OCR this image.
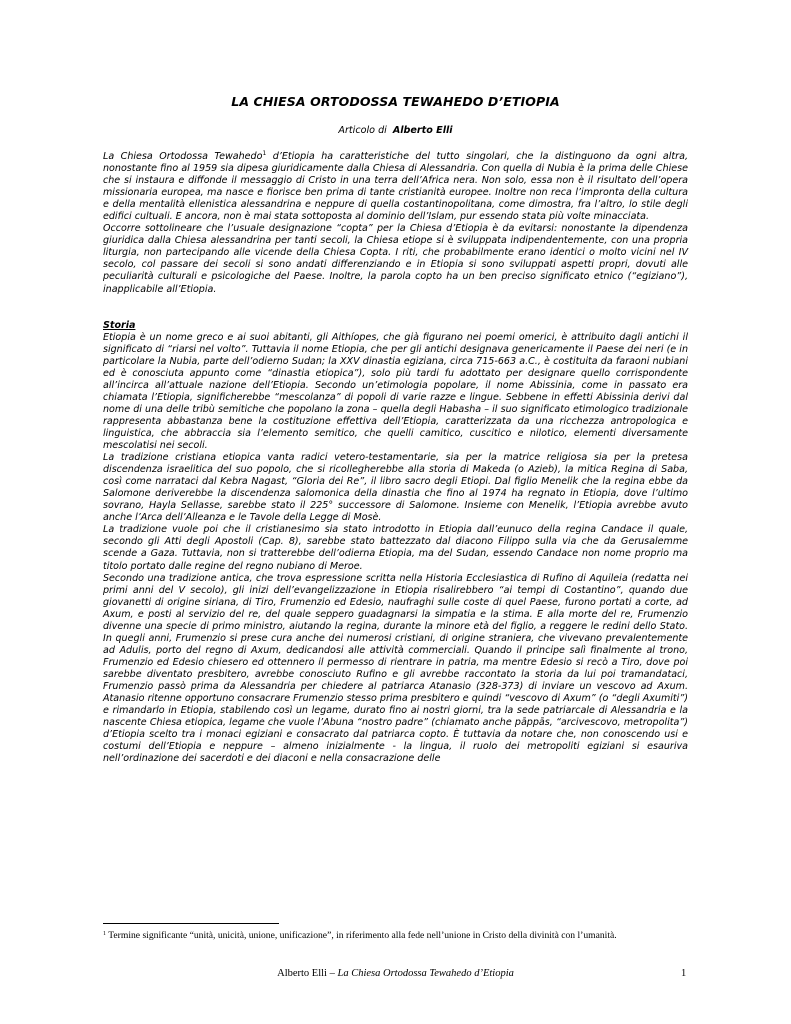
LA CHIESA ORTODOSSA TEWAHEDO D’ETIOPIA
Articolo di Alberto Elli

La Chiesa Ortodossa Tewahedo$^1$ d’Etiopia ha caratteristiche del tutto singolari, che la distinguono da ogni altra, nonostante fino al 1959 sia dipesa giuridicamente dalla Chiesa di Alessandria. Con quella di Nubia è la prima delle Chiese che si instaura e diffonde il messaggio di Cristo in una terra dell’Africa nera. Non solo, essa non è il risultato dell’opera missionaria europea, ma nasce e fiorisce ben prima di tante cristianità europee. Inoltre non reca l’impronta della cultura e della mentalità ellenistica alessandrina e neppure di quella costantinopolitana, come dimostra, fra l’altro, lo stile degli edifici cultuali. E ancora, non è mai stata sottoposta al dominio dell’Islam, pur essendo stata più volte minacciata.

Occorre sottolineare che l’usuale designazione “copta” per la Chiesa d’Etiopia è da evitarsi: nonostante la dipendenza giuridica dalla Chiesa alessandrina per tanti secoli, la Chiesa etiope si è sviluppata indipendentemente, con una propria liturgia, non partecipando alle vicende della Chiesa Copta. I riti, che probabilmente erano identici o molto vicini nel IV secolo, col passare dei secoli si sono andati differenziando e in Etiopia si sono sviluppati aspetti propri, dovuti alle peculiarità culturali e psicologiche del Paese. Inoltre, la parola copto ha un ben preciso significato etnico (“egiziano”), inapplicabile all’Etiopia.

Storia

Etiopia è un nome greco e ai suoi abitanti, gli Aithíopes, che già figurano nei poemi omerici, è attribuito dagli antichi il significato di “riarsi nel volto”. Tuttavia il nome Etiopia, che per gli antichi designava genericamente il Paese dei neri (e in particolare la Nubia, parte dell’odierno Sudan; la XXV dinastia egiziana, circa 715-663 a.C., è costituita da faraoni nubiani ed è conosciuta appunto come “dinastia etiopica”), solo più tardi fu adottato per designare quello corrispondente all’incirca all’attuale nazione dell’Etiopia. Secondo un’etimologia popolare, il nome Abissinia, come in passato era chiamata l’Etiopia, significherebbe “mescolanza” di popoli di varie razze e lingue. Sebbene in effetti Abissinia derivi dal nome di una delle tribù semitiche che popolano la zona – quella degli Habasha – il suo significato etimologico tradizionale rappresenta abbastanza bene la costituzione effettiva dell’Etiopia, caratterizzata da una ricchezza antropologica e linguistica, che abbraccia sia l’elemento semitico, che quelli camitico, cuscitico e nilotico, elementi diversamente mescolatisi nei secoli.

La tradizione cristiana etiopica vanta radici vetero-testamentarie, sia per la matrice religiosa sia per la pretesa discendenza israelitica del suo popolo, che si ricollegherebbe alla storia di Makeda (o Azieb), la mitica Regina di Saba, così come narrataci dal Kebra Nagast, “Gloria dei Re”, il libro sacro degli Etiopi. Dal figlio Menelik che la regina ebbe da Salomone deriverebbe la discendenza salomonica della dinastia che fino al 1974 ha regnato in Etiopia, dove l’ultimo sovrano, Hayla Sellasse, sarebbe stato il 225° successore di Salomone. Insieme con Menelik, l’Etiopia avrebbe avuto anche l’Arca dell’Alleanza e le Tavole della Legge di Mosè.

La tradizione vuole poi che il cristianesimo sia stato introdotto in Etiopia dall’eunuco della regina Candace il quale, secondo gli Atti degli Apostoli (Cap. 8), sarebbe stato battezzato dal diacono Filippo sulla via che da Gerusalemme scende a Gaza. Tuttavia, non si tratterebbe dell’odierna Etiopia, ma del Sudan, essendo Candace non nome proprio ma titolo portato dalle regine del regno nubiano di Meroe.

Secondo una tradizione antica, che trova espressione scritta nella Historia Ecclesiastica di Rufino di Aquileia (redatta nei primi anni del V secolo), gli inizi dell’evangelizzazione in Etiopia risalirebbero “ai tempi di Costantino”, quando due giovanetti di origine siriana, di Tiro, Frumenzio ed Edesio, naufraghi sulle coste di quel Paese, furono portati a corte, ad Axum, e posti al servizio del re, del quale seppero guadagnarsi la simpatia e la stima. E alla morte del re, Frumenzio divenne una specie di primo ministro, aiutando la regina, durante la minore età del figlio, a reggere le redini dello Stato. In quegli anni, Frumenzio si prese cura anche dei numerosi cristiani, di origine straniera, che vivevano prevalentemente ad Adulis, porto del regno di Axum, dedicandosi alle attività commerciali. Quando il principe salì finalmente al trono, Frumenzio ed Edesio chiesero ed ottennero il permesso di rientrare in patria, ma mentre Edesio si recò a Tiro, dove poi sarebbe diventato presbitero, avrebbe conosciuto Rufino e gli avrebbe raccontato la storia da lui poi tramandataci, Frumenzio passò prima da Alessandria per chiedere al patriarca Atanasio (328-373) di inviare un vescovo ad Axum. Atanasio ritenne opportuno consacrare Frumenzio stesso prima presbitero e quindi “vescovo di Axum” (o “degli Axumiti”) e rimandarlo in Etiopia, stabilendo così un legame, durato fino ai nostri giorni, tra la sede patriarcale di Alessandria e la nascente Chiesa etiopica, legame che vuole l’Abuna “nostro padre” (chiamato anche pāppās, “arcivescovo, metropolita”) d’Etiopia scelto tra i monaci egiziani e consacrato dal patriarca copto. È tuttavia da notare che, non conoscendo usi e costumi dell’Etiopia e neppure – almeno inizialmente - la lingua, il ruolo dei metropoliti egiziani si esauriva nell’ordinazione dei sacerdoti e dei diaconi e nella consacrazione delle

$^1$ Termine significante “unità, unicità, unione, unificazione”, in riferimento alla fede nell’unione in Cristo della divinità con l’umanità.
Alberto Elli – La Chiesa Ortodossa Tewahedo d’Etiopia	1
